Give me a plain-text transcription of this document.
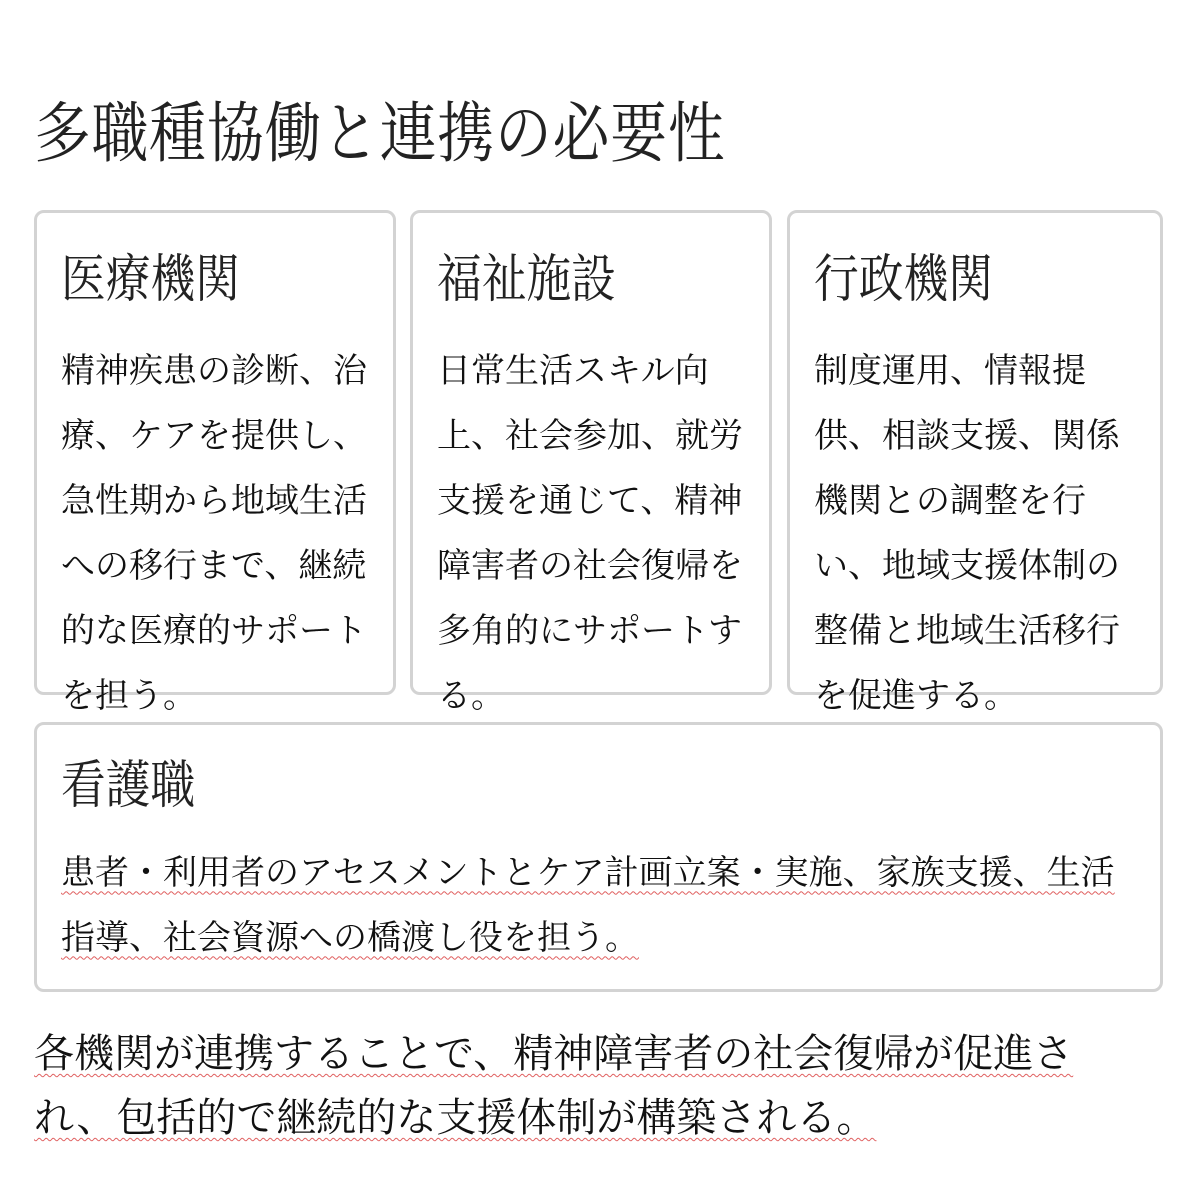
多職種協働と連携の必要性
医療機関

精神疾患の診断、治療、ケアを提供し、急性期から地域生活への移行まで、継続的な医療的サポートを担う。

福祉施設

日常生活スキル向上、社会参加、就労支援を通じて、精神障害者の社会復帰を多角的にサポートする。

行政機関

制度運用、情報提供、相談支援、関係機関との調整を行い、地域支援体制の整備と地域生活移行を促進する。

看護職

患者・利用者のアセスメントとケア計画立案・実施、家族支援、生活指導、社会資源への橋渡し役を担う。

各機関が連携することで、精神障害者の社会復帰が促進され、包括的で継続的な支援体制が構築される。
